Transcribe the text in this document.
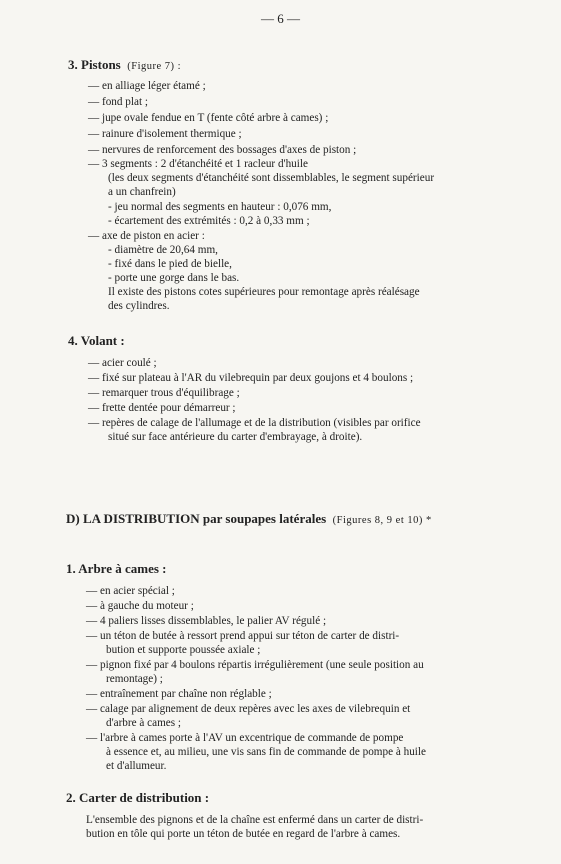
— 6 —
3. Pistons (Figure 7) :
— en alliage léger étamé ;
— fond plat ;
— jupe ovale fendue en T (fente côté arbre à cames) ;
— rainure d'isolement thermique ;
— nervures de renforcement des bossages d'axes de piston ;
— 3 segments : 2 d'étanchéité et 1 racleur d'huile
(les deux segments d'étanchéité sont dissemblables, le segment supérieur
a un chanfrein)
- jeu normal des segments en hauteur : 0,076 mm,
- écartement des extrémités : 0,2 à 0,33 mm ;
— axe de piston en acier :
- diamètre de 20,64 mm,
- fixé dans le pied de bielle,
- porte une gorge dans le bas.
Il existe des pistons cotes supérieures pour remontage après réalésage
des cylindres.
4. Volant :
— acier coulé ;
— fixé sur plateau à l'AR du vilebrequin par deux goujons et 4 boulons ;
— remarquer trous d'équilibrage ;
— frette dentée pour démarreur ;
— repères de calage de l'allumage et de la distribution (visibles par orifice
situé sur face antérieure du carter d'embrayage, à droite).
D) LA DISTRIBUTION par soupapes latérales (Figures 8, 9 et 10) *
1. Arbre à cames :
— en acier spécial ;
— à gauche du moteur ;
— 4 paliers lisses dissemblables, le palier AV régulé ;
— un téton de butée à ressort prend appui sur téton de carter de distri-
bution et supporte poussée axiale ;
— pignon fixé par 4 boulons répartis irrégulièrement (une seule position au
remontage) ;
— entraînement par chaîne non réglable ;
— calage par alignement de deux repères avec les axes de vilebrequin et
d'arbre à cames ;
— l'arbre à cames porte à l'AV un excentrique de commande de pompe
à essence et, au milieu, une vis sans fin de commande de pompe à huile
et d'allumeur.
2. Carter de distribution :
L'ensemble des pignons et de la chaîne est enfermé dans un carter de distri-
bution en tôle qui porte un téton de butée en regard de l'arbre à cames.
